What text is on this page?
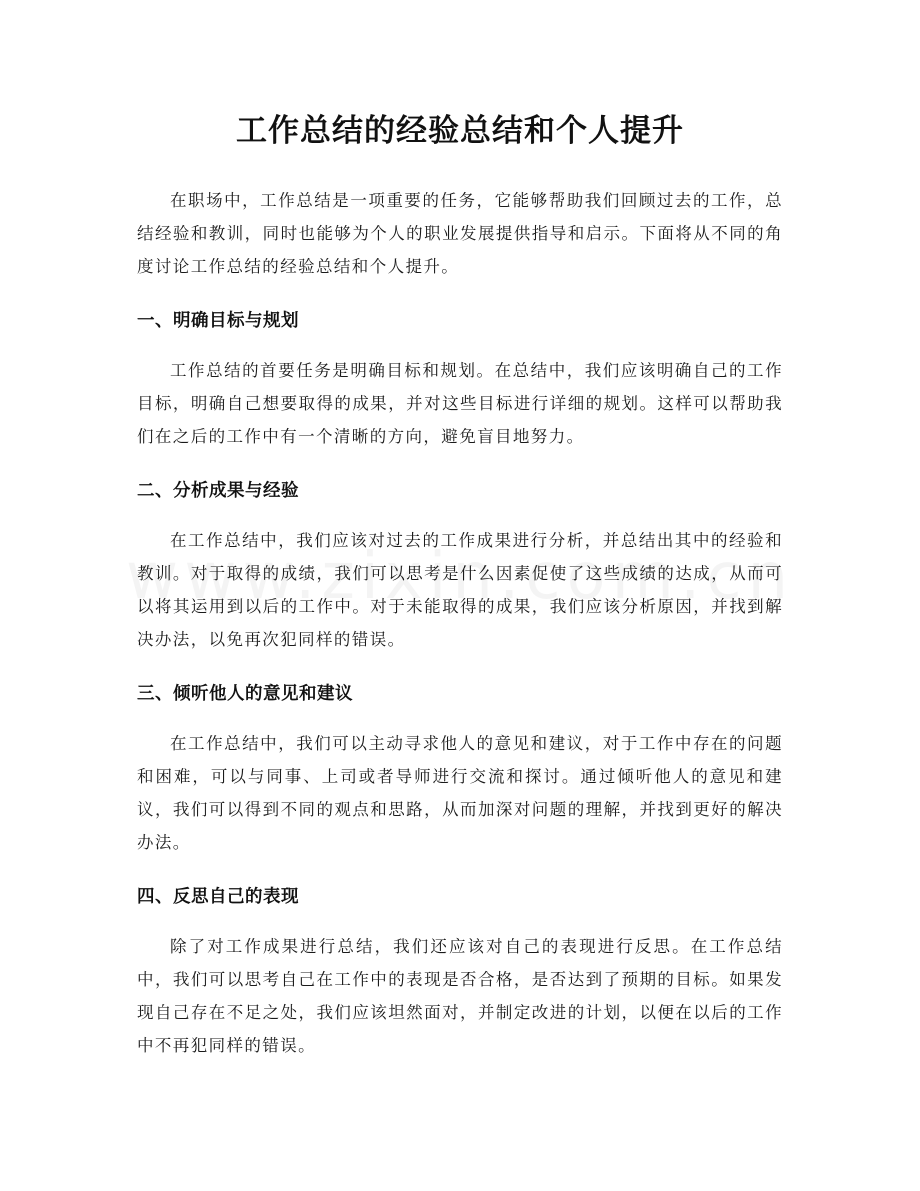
工作总结的经验总结和个人提升

在职场中，工作总结是一项重要的任务，它能够帮助我们回顾过去的工作，总结经验和教训，同时也能够为个人的职业发展提供指导和启示。下面将从不同的角度讨论工作总结的经验总结和个人提升。

一、明确目标与规划

工作总结的首要任务是明确目标和规划。在总结中，我们应该明确自己的工作目标，明确自己想要取得的成果，并对这些目标进行详细的规划。这样可以帮助我们在之后的工作中有一个清晰的方向，避免盲目地努力。

二、分析成果与经验

在工作总结中，我们应该对过去的工作成果进行分析，并总结出其中的经验和教训。对于取得的成绩，我们可以思考是什么因素促使了这些成绩的达成，从而可以将其运用到以后的工作中。对于未能取得的成果，我们应该分析原因，并找到解决办法，以免再次犯同样的错误。

三、倾听他人的意见和建议

在工作总结中，我们可以主动寻求他人的意见和建议，对于工作中存在的问题和困难，可以与同事、上司或者导师进行交流和探讨。通过倾听他人的意见和建议，我们可以得到不同的观点和思路，从而加深对问题的理解，并找到更好的解决办法。

四、反思自己的表现

除了对工作成果进行总结，我们还应该对自己的表现进行反思。在工作总结中，我们可以思考自己在工作中的表现是否合格，是否达到了预期的目标。如果发现自己存在不足之处，我们应该坦然面对，并制定改进的计划，以便在以后的工作中不再犯同样的错误。
